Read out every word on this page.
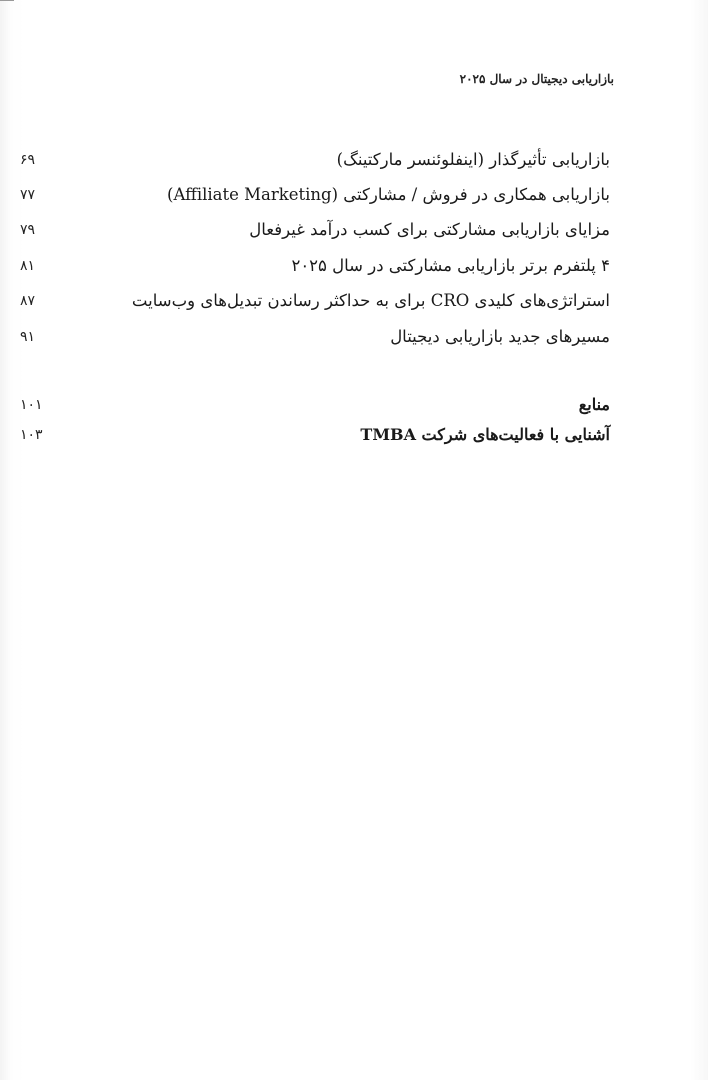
بازاریابی دیجیتال در سال ۲۰۲۵
بازاریابی تأثیرگذار (اینفلوئنسر مارکتینگ)
۶۹
بازاریابی همکاری در فروش / مشارکتی (Affiliate Marketing)
۷۷
مزایای بازاریابی مشارکتی برای کسب درآمد غیرفعال
۷۹
۴ پلتفرم برتر بازاریابی مشارکتی در سال ۲۰۲۵
۸۱
استراتژی‌های کلیدی CRO برای به حداکثر رساندن تبدیل‌های وب‌سایت
۸۷
مسیرهای جدید بازاریابی دیجیتال
۹۱
منابع
۱۰۱
آشنایی با فعالیت‌های شرکت TMBA
۱۰۳
